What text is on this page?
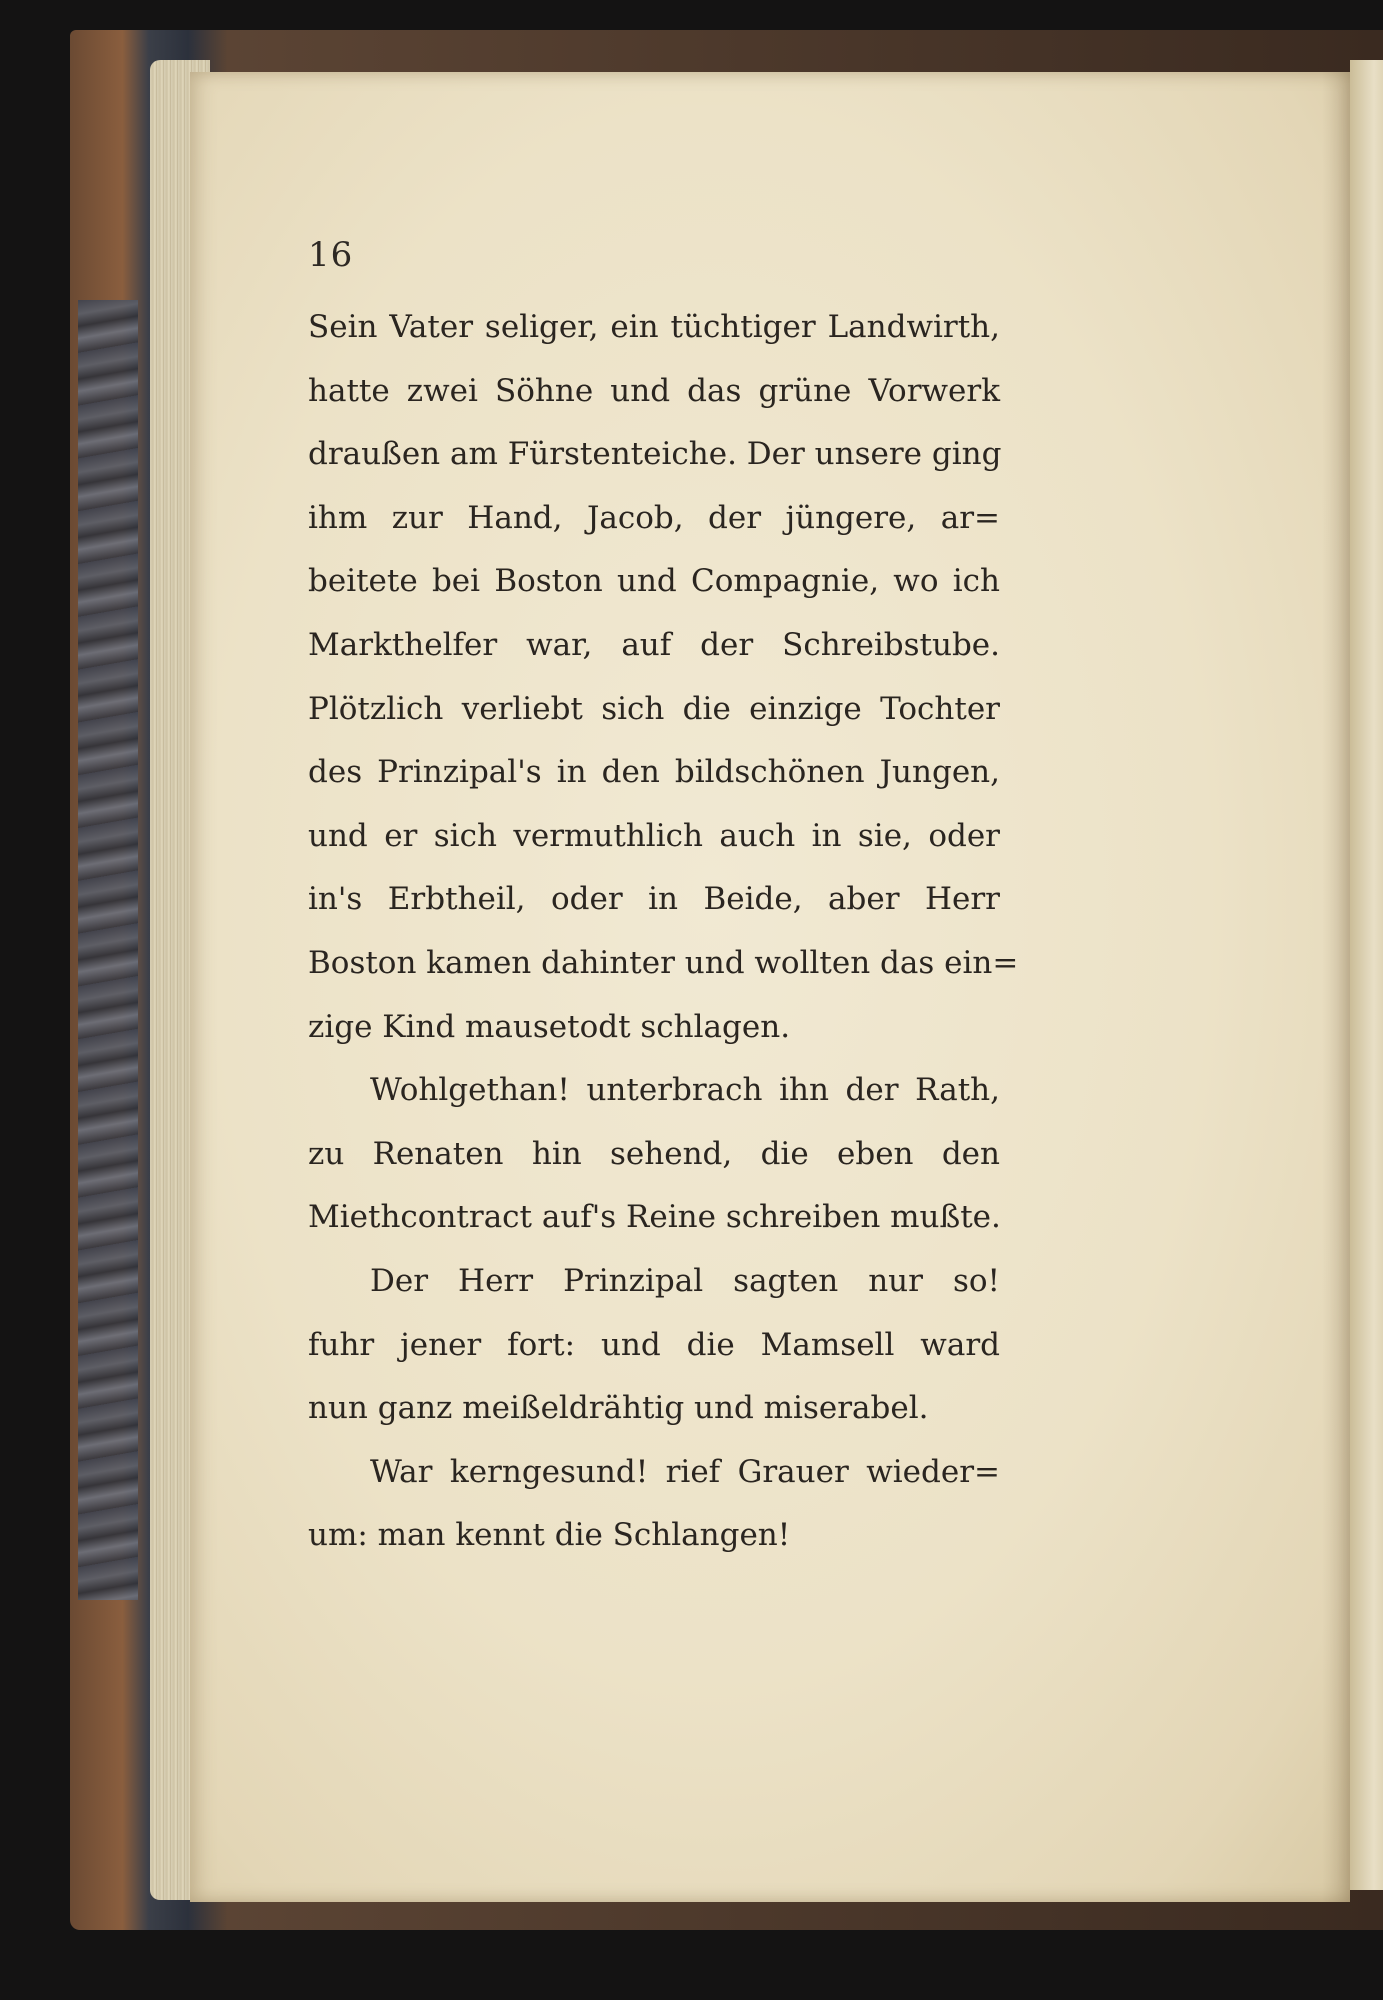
16
Sein Vater seliger, ein tüchtiger Landwirth,
hatte zwei Söhne und das grüne Vorwerk
draußen am Fürstenteiche. Der unsere ging
ihm zur Hand, Jacob, der jüngere, ar=
beitete bei Boston und Compagnie, wo ich
Markthelfer war, auf der Schreibstube.
Plötzlich verliebt sich die einzige Tochter
des Prinzipal's in den bildschönen Jungen,
und er sich vermuthlich auch in sie, oder
in's Erbtheil, oder in Beide, aber Herr
Boston kamen dahinter und wollten das ein=
zige Kind mausetodt schlagen.
Wohlgethan! unterbrach ihn der Rath,
zu Renaten hin sehend, die eben den
Miethcontract auf's Reine schreiben mußte.
Der Herr Prinzipal sagten nur so!
fuhr jener fort: und die Mamsell ward
nun ganz meißeldrähtig und miserabel.
War kerngesund! rief Grauer wieder=
um: man kennt die Schlangen!
